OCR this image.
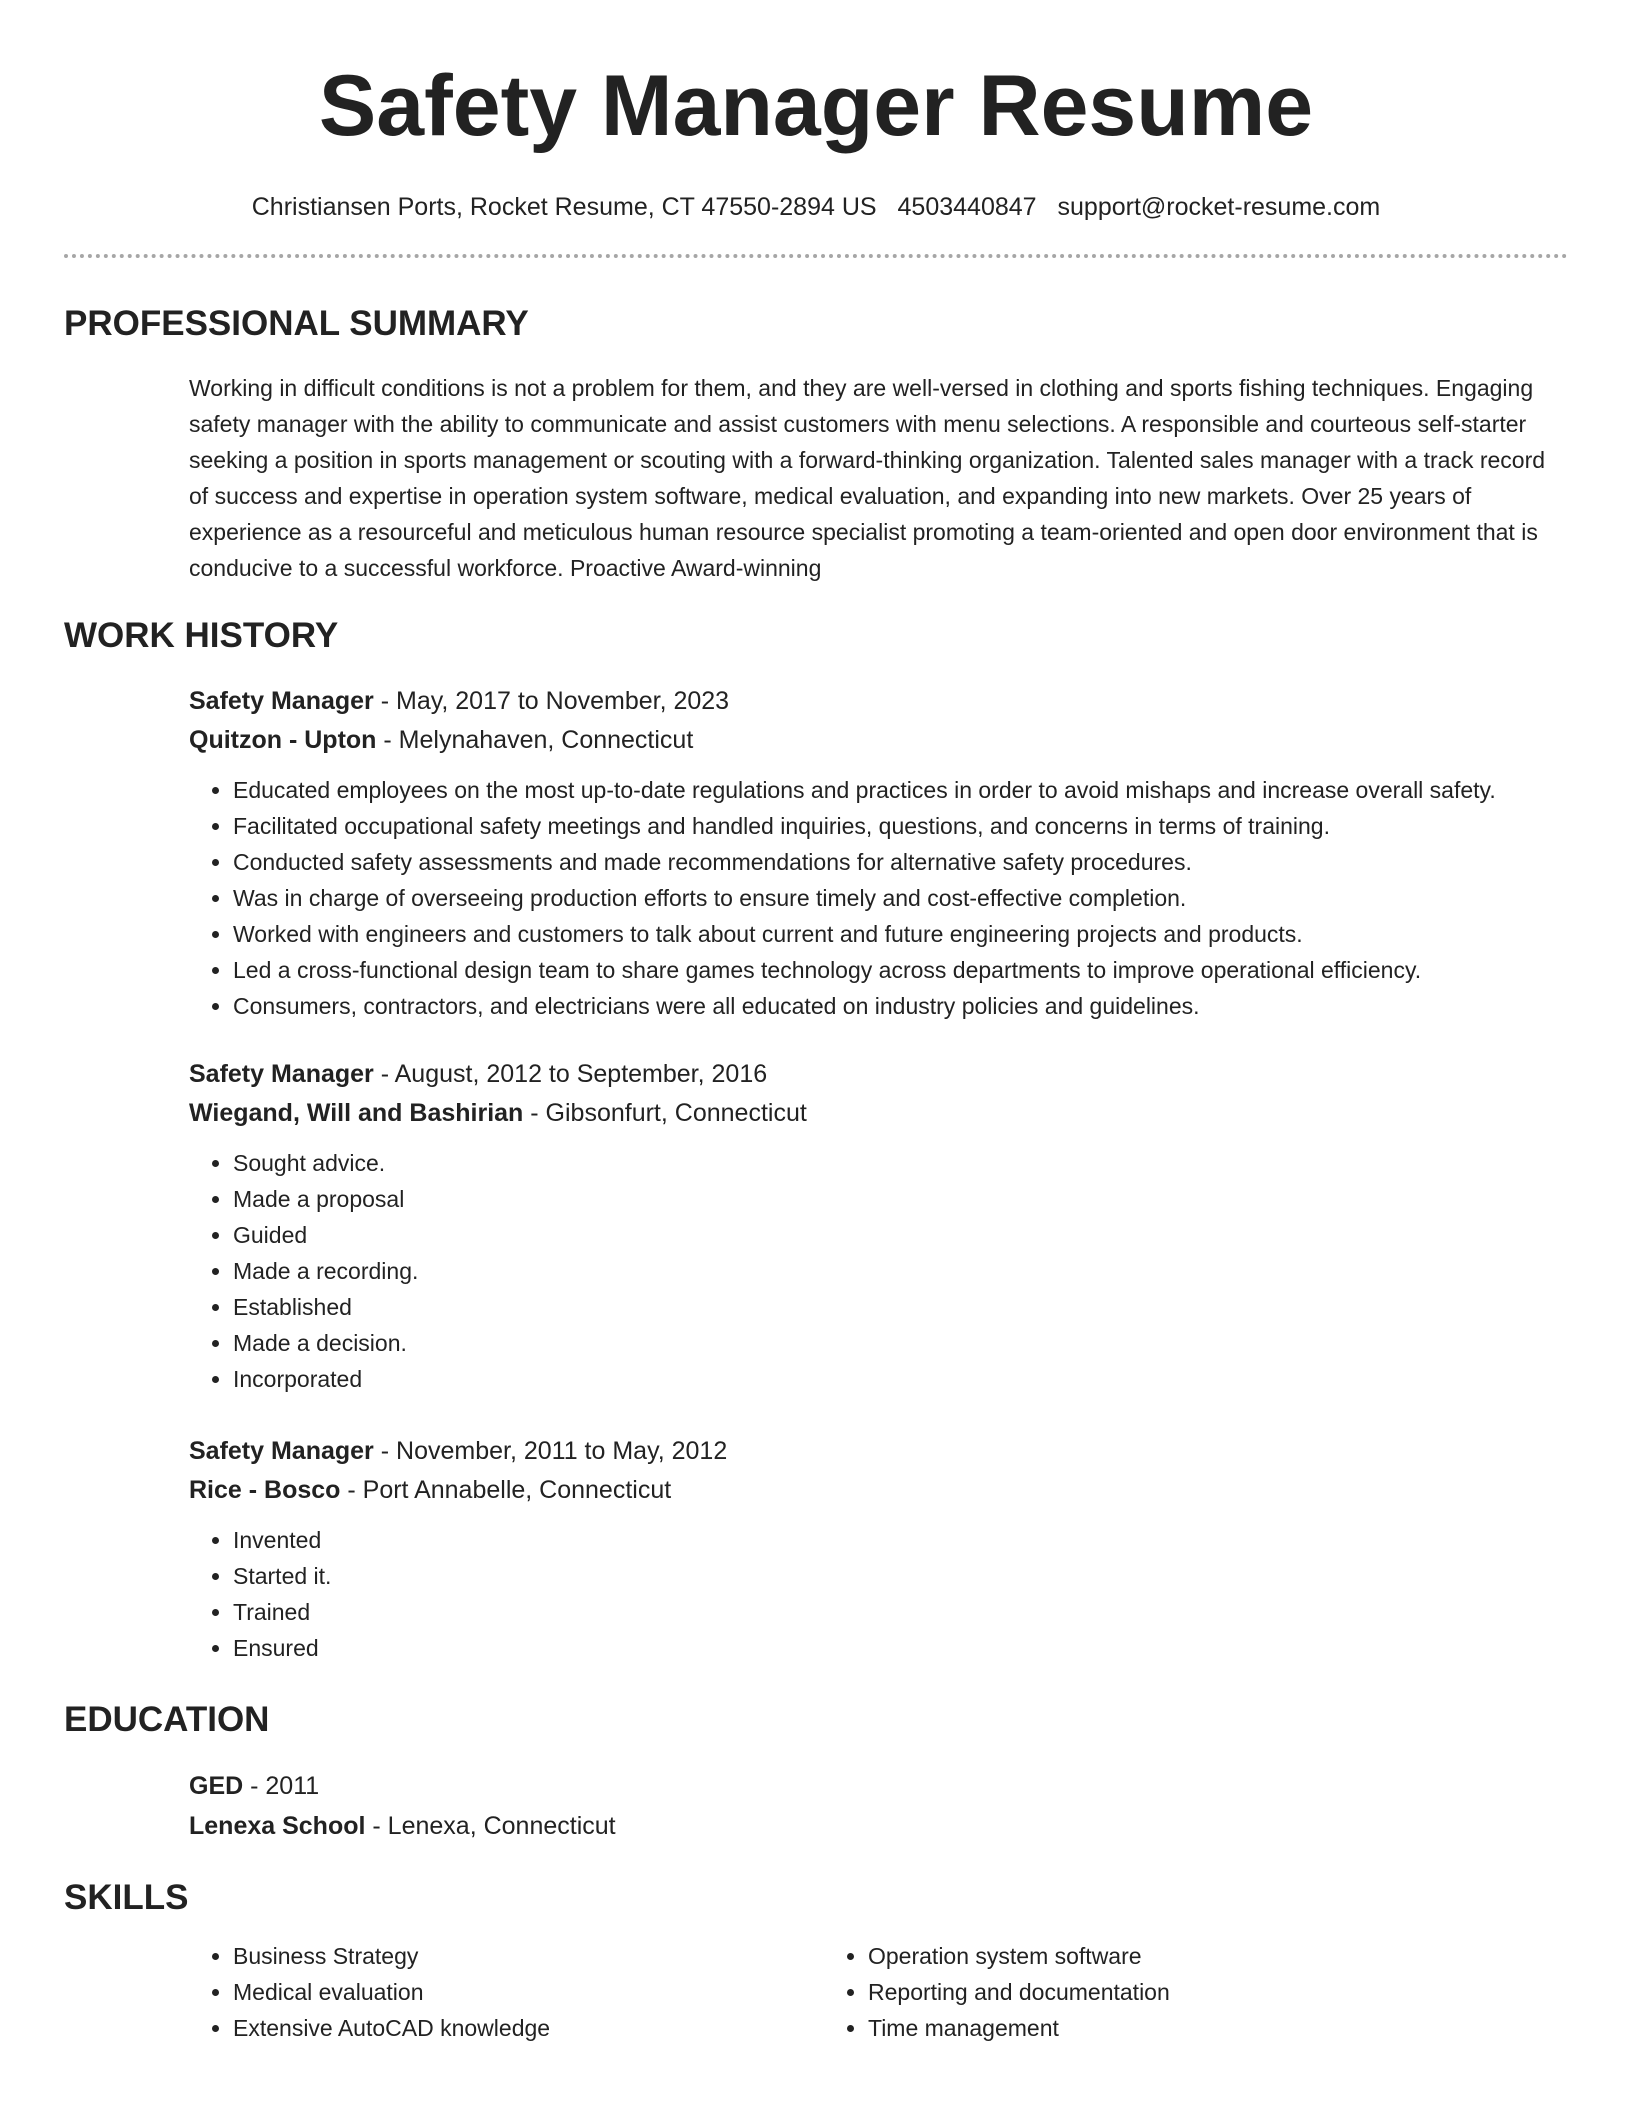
Safety Manager Resume
Christiansen Ports, Rocket Resume, CT 47550-2894 US 4503440847 support@rocket-resume.com
PROFESSIONAL SUMMARY
Working in difficult conditions is not a problem for them, and they are well-versed in clothing and sports fishing techniques. Engaging safety manager with the ability to communicate and assist customers with menu selections. A responsible and courteous self-starter seeking a position in sports management or scouting with a forward-thinking organization. Talented sales manager with a track record of success and expertise in operation system software, medical evaluation, and expanding into new markets. Over 25 years of experience as a resourceful and meticulous human resource specialist promoting a team-oriented and open door environment that is conducive to a successful workforce. Proactive Award-winning
WORK HISTORY
Safety Manager - May, 2017 to November, 2023
Quitzon - Upton - Melynahaven, Connecticut
• Educated employees on the most up-to-date regulations and practices in order to avoid mishaps and increase overall safety.
• Facilitated occupational safety meetings and handled inquiries, questions, and concerns in terms of training.
• Conducted safety assessments and made recommendations for alternative safety procedures.
• Was in charge of overseeing production efforts to ensure timely and cost-effective completion.
• Worked with engineers and customers to talk about current and future engineering projects and products.
• Led a cross-functional design team to share games technology across departments to improve operational efficiency.
• Consumers, contractors, and electricians were all educated on industry policies and guidelines.
Safety Manager - August, 2012 to September, 2016
Wiegand, Will and Bashirian - Gibsonfurt, Connecticut
• Sought advice.
• Made a proposal
• Guided
• Made a recording.
• Established
• Made a decision.
• Incorporated
Safety Manager - November, 2011 to May, 2012
Rice - Bosco - Port Annabelle, Connecticut
• Invented
• Started it.
• Trained
• Ensured
EDUCATION
GED - 2011
Lenexa School - Lenexa, Connecticut
SKILLS
• Business Strategy
• Medical evaluation
• Extensive AutoCAD knowledge
• Operation system software
• Reporting and documentation
• Time management
